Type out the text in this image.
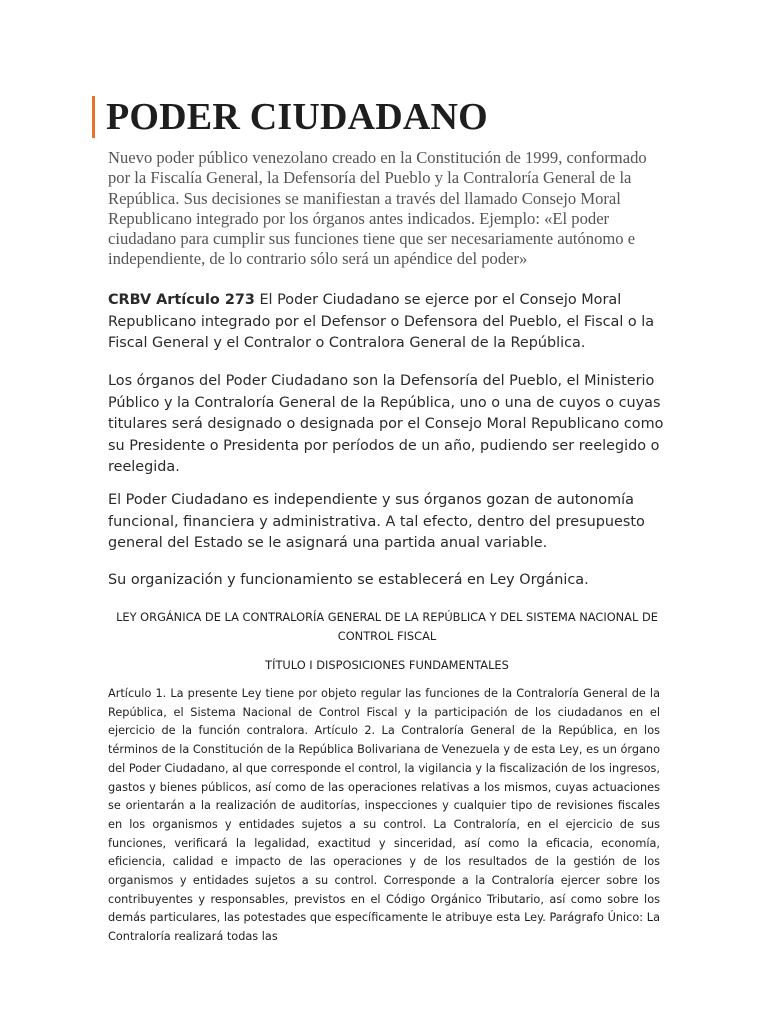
PODER CIUDADANO

Nuevo poder público venezolano creado en la Constitución de 1999, conformado por la Fiscalía General, la Defensoría del Pueblo y la Contraloría General de la República. Sus decisiones se manifiestan a través del llamado Consejo Moral Republicano integrado por los órganos antes indicados. Ejemplo: «El poder ciudadano para cumplir sus funciones tiene que ser necesariamente autónomo e independiente, de lo contrario sólo será un apéndice del poder»

CRBV Artículo 273 El Poder Ciudadano se ejerce por el Consejo Moral Republicano integrado por el Defensor o Defensora del Pueblo, el Fiscal o la Fiscal General y el Contralor o Contralora General de la República.

Los órganos del Poder Ciudadano son la Defensoría del Pueblo, el Ministerio Público y la Contraloría General de la República, uno o una de cuyos o cuyas titulares será designado o designada por el Consejo Moral Republicano como su Presidente o Presidenta por períodos de un año, pudiendo ser reelegido o reelegida.

El Poder Ciudadano es independiente y sus órganos gozan de autonomía funcional, financiera y administrativa. A tal efecto, dentro del presupuesto general del Estado se le asignará una partida anual variable.

Su organización y funcionamiento se establecerá en Ley Orgánica.

LEY ORGÁNICA DE LA CONTRALORÍA GENERAL DE LA REPÚBLICA Y DEL SISTEMA NACIONAL DE CONTROL FISCAL

TÍTULO I DISPOSICIONES FUNDAMENTALES

Artículo 1. La presente Ley tiene por objeto regular las funciones de la Contraloría General de la República, el Sistema Nacional de Control Fiscal y la participación de los ciudadanos en el ejercicio de la función contralora. Artículo 2. La Contraloría General de la República, en los términos de la Constitución de la República Bolivariana de Venezuela y de esta Ley, es un órgano del Poder Ciudadano, al que corresponde el control, la vigilancia y la fiscalización de los ingresos, gastos y bienes públicos, así como de las operaciones relativas a los mismos, cuyas actuaciones se orientarán a la realización de auditorías, inspecciones y cualquier tipo de revisiones fiscales en los organismos y entidades sujetos a su control. La Contraloría, en el ejercicio de sus funciones, verificará la legalidad, exactitud y sinceridad, así como la eficacia, economía, eficiencia, calidad e impacto de las operaciones y de los resultados de la gestión de los organismos y entidades sujetos a su control. Corresponde a la Contraloría ejercer sobre los contribuyentes y responsables, previstos en el Código Orgánico Tributario, así como sobre los demás particulares, las potestades que específicamente le atribuye esta Ley. Parágrafo Único: La Contraloría realizará todas las
